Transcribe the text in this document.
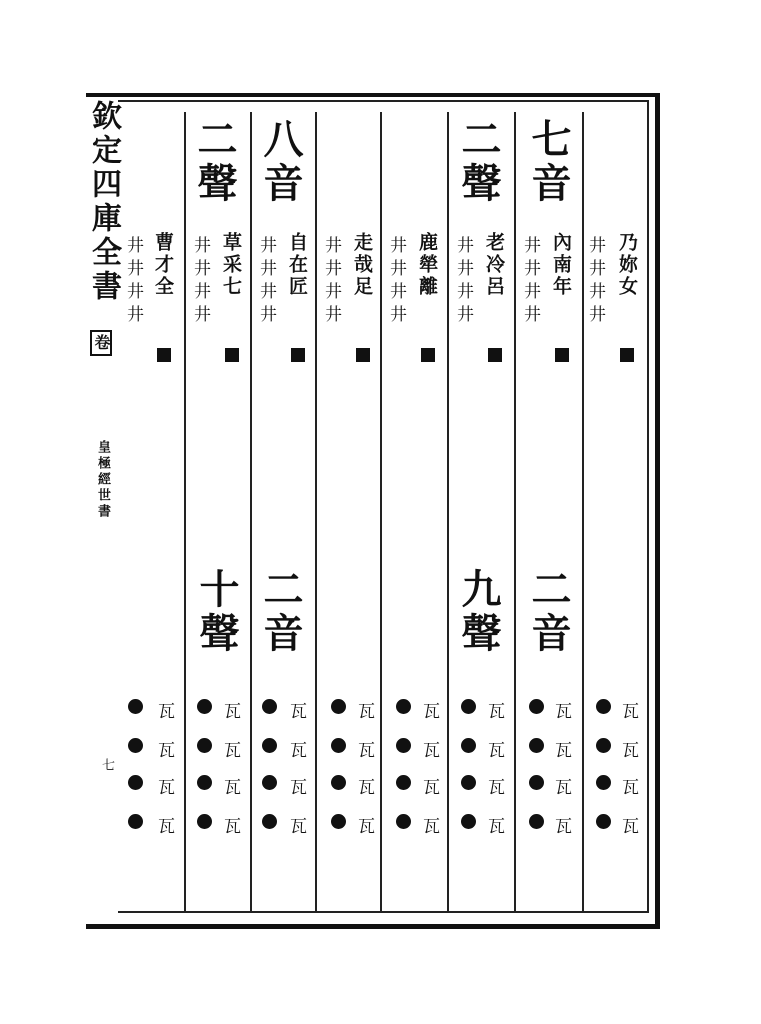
欽定四庫全書
卷
皇極經世書
七
乃妳女
井井井井
七音
內南年
井井井井
二音
二聲
老冷呂
井井井井
九聲
鹿犖離
井井井井
走哉足
井井井井
八音
自在匠
井井井井
二音
二聲
草采七
井井井井
十聲
曹才全
井井井井
瓦
瓦
瓦
瓦
瓦
瓦
瓦
瓦
瓦
瓦
瓦
瓦
瓦
瓦
瓦
瓦
瓦
瓦
瓦
瓦
瓦
瓦
瓦
瓦
瓦
瓦
瓦
瓦
瓦
瓦
瓦
瓦
